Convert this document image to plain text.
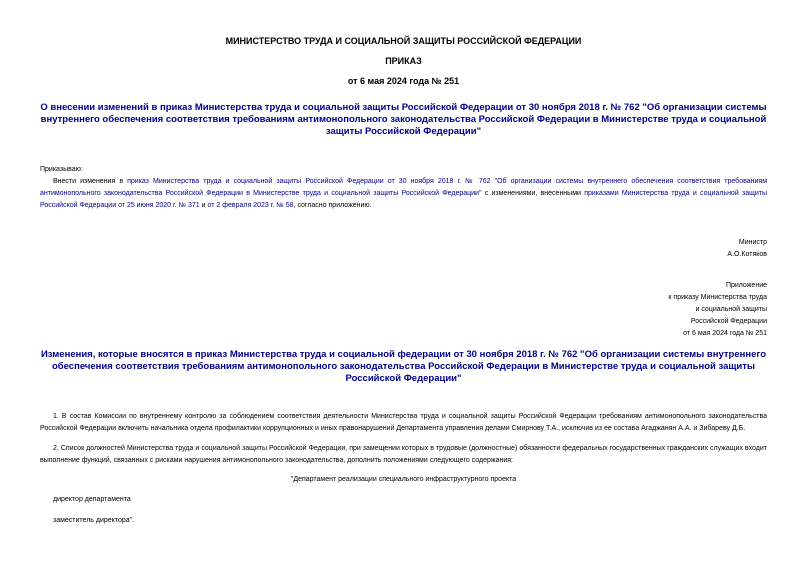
МИНИСТЕРСТВО ТРУДА И СОЦИАЛЬНОЙ ЗАЩИТЫ РОССИЙСКОЙ ФЕДЕРАЦИИ
ПРИКАЗ
от 6 мая 2024 года № 251
О внесении изменений в приказ Министерства труда и социальной защиты Российской Федерации от 30 ноября 2018 г. № 762 "Об организации системы внутреннего обеспечения соответствия требованиям антимонопольного законодательства Российской Федерации в Министерстве труда и социальной защиты Российской Федерации"
Приказываю:
Внести изменения в приказ Министерства труда и социальной защиты Российской Федерации от 30 ноября 2018 г. № 762 "Об организации системы внутреннего обеспечения соответствия требованиям антимонопольного законодательства Российской Федерации в Министерстве труда и социальной защиты Российской Федерации" с изменениями, внесенными приказами Министерства труда и социальной защиты Российской Федерации от 25 июня 2020 г. № 371 и от 2 февраля 2023 г. № 58, согласно приложению.
Министр
А.О.Котяков
Приложение
к приказу Министерства труда
и социальной защиты
Российской Федерации
от 6 мая 2024 года № 251
Изменения, которые вносятся в приказ Министерства труда и социальной федерации от 30 ноября 2018 г. № 762 "Об организации системы внутреннего обеспечения соответствия требованиям антимонопольного законодательства Российской Федерации в Министерстве труда и социальной защиты Российской Федерации"
1. В состав Комиссии по внутреннему контролю за соблюдением соответствия деятельности Министерства труда и социальной защиты Российской Федерации требованиям антимонопольного законодательства Российской Федерации включить начальника отдела профилактики коррупционных и иных правонарушений Департамента управления делами Смирнову Т.А., исключив из ее состава Агаджанян А.А. и Зибареву Д.Б.
2. Список должностей Министерства труда и социальной защиты Российской Федерации, при замещении которых в трудовые (должностные) обязанности федеральных государственных гражданских служащих входит выполнение функций, связанных с рисками нарушения антимонопольного законодательства, дополнить положениями следующего содержания:
"Департамент реализации специального инфраструктурного проекта
директор департамента
заместитель директора".
